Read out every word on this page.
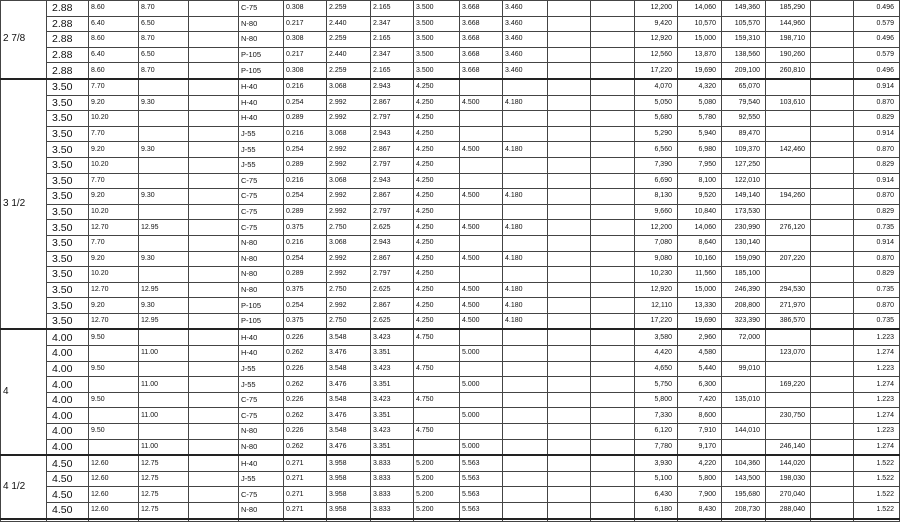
2 7/8	2.88	8.60	8.70		C-75	0.308	2.259	2.165	3.500	3.668	3.460			12,200	14,060	149,360	185,290		0.496
	2.88	6.40	6.50		N-80	0.217	2.440	2.347	3.500	3.668	3.460			9,420	10,570	105,570	144,960		0.579
	2.88	8.60	8.70		N-80	0.308	2.259	2.165	3.500	3.668	3.460			12,920	15,000	159,310	198,710		0.496
	2.88	6.40	6.50		P-105	0.217	2.440	2.347	3.500	3.668	3.460			12,560	13,870	138,560	190,260		0.579
	2.88	8.60	8.70		P-105	0.308	2.259	2.165	3.500	3.668	3.460			17,220	19,690	209,100	260,810		0.496
3 1/2	3.50	7.70			H-40	0.216	3.068	2.943	4.250					4,070	4,320	65,070			0.914
	3.50	9.20	9.30		H-40	0.254	2.992	2.867	4.250	4.500	4.180			5,050	5,080	79,540	103,610		0.870
	3.50	10.20			H-40	0.289	2.992	2.797	4.250					5,680	5,780	92,550			0.829
	3.50	7.70			J-55	0.216	3.068	2.943	4.250					5,290	5,940	89,470			0.914
	3.50	9.20	9.30		J-55	0.254	2.992	2.867	4.250	4.500	4.180			6,560	6,980	109,370	142,460		0.870
	3.50	10.20			J-55	0.289	2.992	2.797	4.250					7,390	7,950	127,250			0.829
	3.50	7.70			C-75	0.216	3.068	2.943	4.250					6,690	8,100	122,010			0.914
	3.50	9.20	9.30		C-75	0.254	2.992	2.867	4.250	4.500	4.180			8,130	9,520	149,140	194,260		0.870
	3.50	10.20			C-75	0.289	2.992	2.797	4.250					9,660	10,840	173,530			0.829
	3.50	12.70	12.95		C-75	0.375	2.750	2.625	4.250	4.500	4.180			12,200	14,060	230,990	276,120		0.735
	3.50	7.70			N-80	0.216	3.068	2.943	4.250					7,080	8,640	130,140			0.914
	3.50	9.20	9.30		N-80	0.254	2.992	2.867	4.250	4.500	4.180			9,080	10,160	159,090	207,220		0.870
	3.50	10.20			N-80	0.289	2.992	2.797	4.250					10,230	11,560	185,100			0.829
	3.50	12.70	12.95		N-80	0.375	2.750	2.625	4.250	4.500	4.180			12,920	15,000	246,390	294,530		0.735
	3.50	9.20	9.30		P-105	0.254	2.992	2.867	4.250	4.500	4.180			12,110	13,330	208,800	271,970		0.870
	3.50	12.70	12.95		P-105	0.375	2.750	2.625	4.250	4.500	4.180			17,220	19,690	323,390	386,570		0.735
4	4.00	9.50			H-40	0.226	3.548	3.423	4.750					3,580	2,960	72,000			1.223
	4.00		11.00		H-40	0.262	3.476	3.351		5.000				4,420	4,580		123,070		1.274
	4.00	9.50			J-55	0.226	3.548	3.423	4.750					4,650	5,440	99,010			1.223
	4.00		11.00		J-55	0.262	3.476	3.351		5.000				5,750	6,300		169,220		1.274
	4.00	9.50			C-75	0.226	3.548	3.423	4.750					5,800	7,420	135,010			1.223
	4.00		11.00		C-75	0.262	3.476	3.351		5.000				7,330	8,600		230,750		1.274
	4.00	9.50			N-80	0.226	3.548	3.423	4.750					6,120	7,910	144,010			1.223
	4.00		11.00		N-80	0.262	3.476	3.351		5.000				7,780	9,170		246,140		1.274
4 1/2	4.50	12.60	12.75		H-40	0.271	3.958	3.833	5.200	5.563				3,930	4,220	104,360	144,020		1.522
	4.50	12.60	12.75		J-55	0.271	3.958	3.833	5.200	5.563				5,100	5,800	143,500	198,030		1.522
	4.50	12.60	12.75		C-75	0.271	3.958	3.833	5.200	5.563				6,430	7,900	195,680	270,040		1.522
	4.50	12.60	12.75		N-80	0.271	3.958	3.833	5.200	5.563				6,180	8,430	208,730	288,040		1.522
